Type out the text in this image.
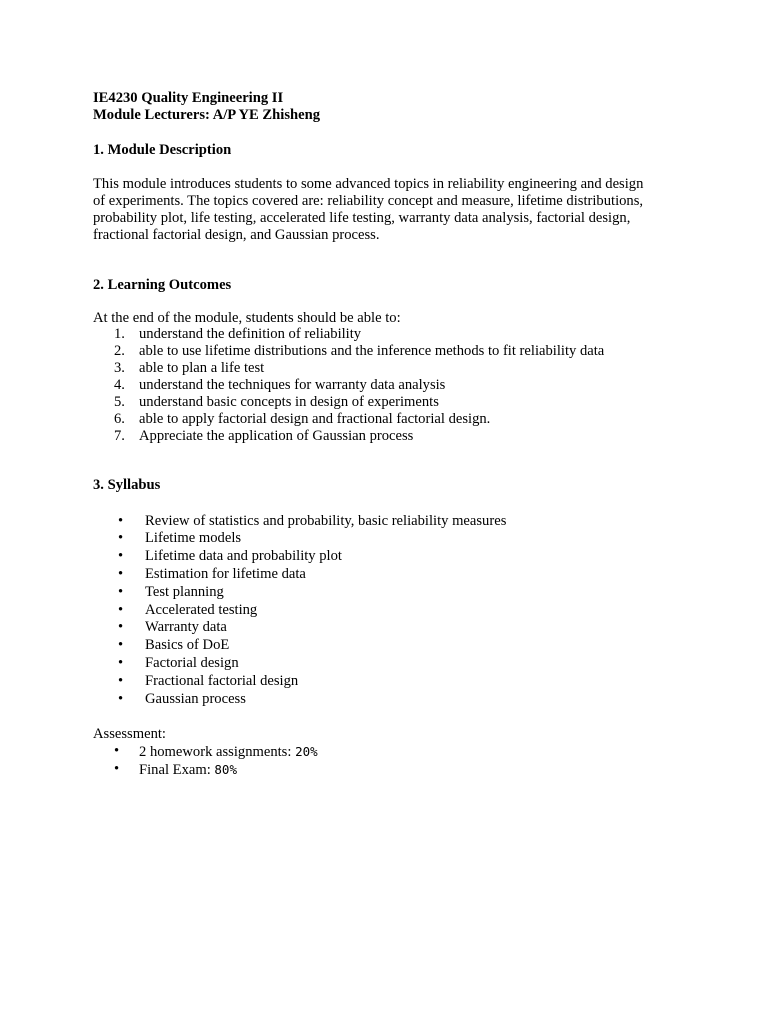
IE4230 Quality Engineering II
Module Lecturers: A/P YE Zhisheng
1. Module Description
This module introduces students to some advanced topics in reliability engineering and design
of experiments. The topics covered are: reliability concept and measure, lifetime distributions,
probability plot, life testing, accelerated life testing, warranty data analysis, factorial design,
fractional factorial design, and Gaussian process.
2. Learning Outcomes
At the end of the module, students should be able to:
1. understand the definition of reliability
2. able to use lifetime distributions and the inference methods to fit reliability data
3. able to plan a life test
4. understand the techniques for warranty data analysis
5. understand basic concepts in design of experiments
6. able to apply factorial design and fractional factorial design.
7. Appreciate the application of Gaussian process
3. Syllabus
• Review of statistics and probability, basic reliability measures
• Lifetime models
• Lifetime data and probability plot
• Estimation for lifetime data
• Test planning
• Accelerated testing
• Warranty data
• Basics of DoE
• Factorial design
• Fractional factorial design
• Gaussian process
Assessment:
• 2 homework assignments: 20%
• Final Exam: 80%
